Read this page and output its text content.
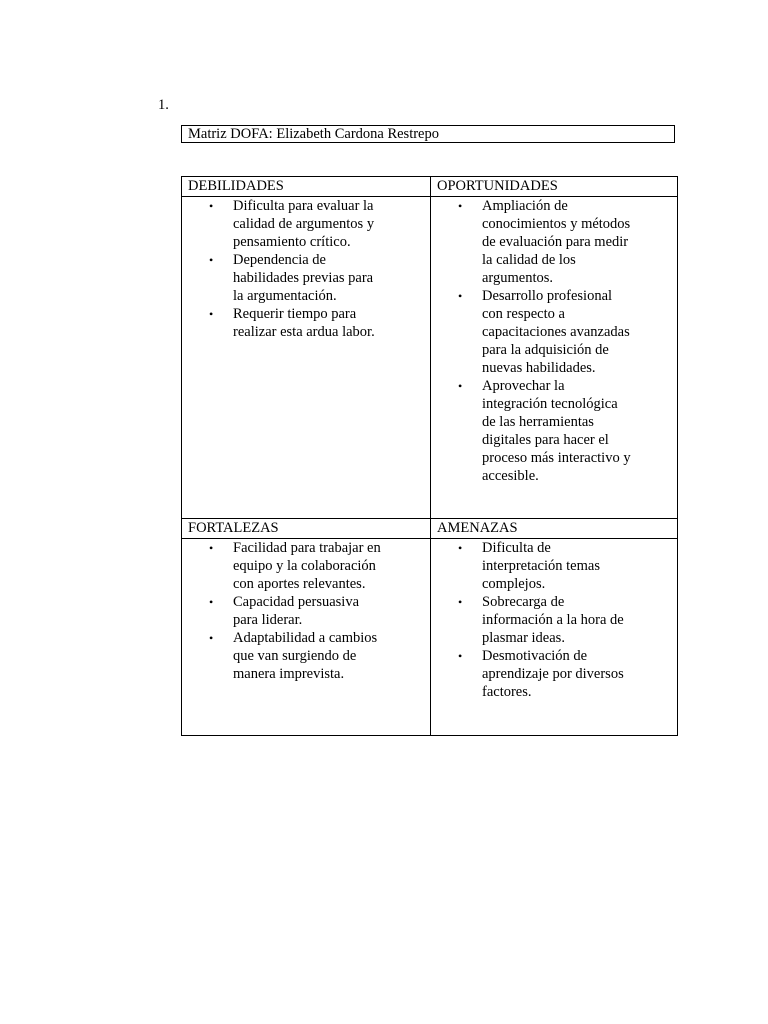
1.
Matriz DOFA: Elizabeth Cardona Restrepo
DEBILIDADES	OPORTUNIDADES
• Dificulta para evaluar la calidad de argumentos y pensamiento crítico.
• Dependencia de habilidades previas para la argumentación.
• Requerir tiempo para realizar esta ardua labor.
• Ampliación de conocimientos y métodos de evaluación para medir la calidad de los argumentos.
• Desarrollo profesional con respecto a capacitaciones avanzadas para la adquisición de nuevas habilidades.
• Aprovechar la integración tecnológica de las herramientas digitales para hacer el proceso más interactivo y accesible.
FORTALEZAS	AMENAZAS
• Facilidad para trabajar en equipo y la colaboración con aportes relevantes.
• Capacidad persuasiva para liderar.
• Adaptabilidad a cambios que van surgiendo de manera imprevista.
• Dificulta de interpretación temas complejos.
• Sobrecarga de información a la hora de plasmar ideas.
• Desmotivación de aprendizaje por diversos factores.
